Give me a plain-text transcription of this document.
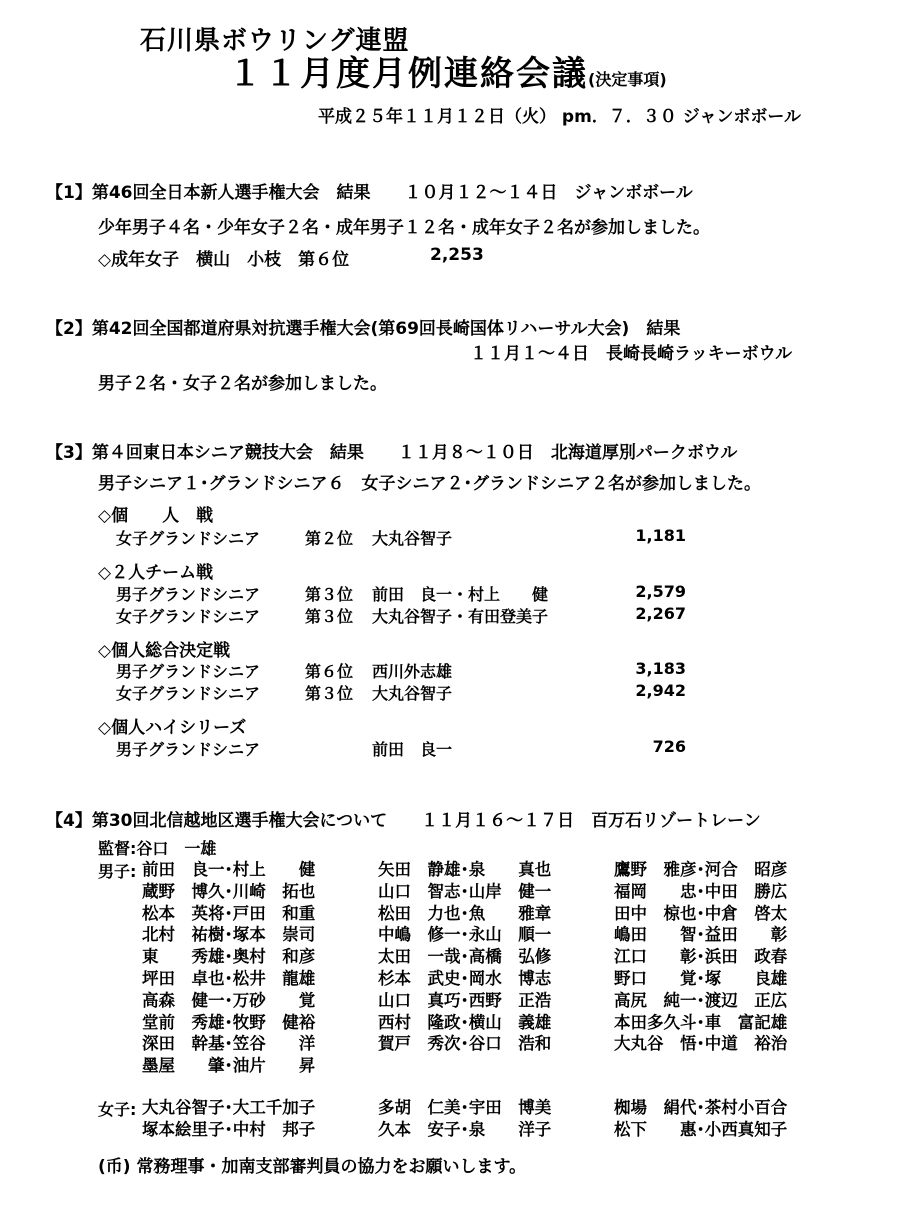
石川県ボウリング連盟
１１月度月例連絡会議(決定事項)
平成２５年１１月１２日（火） pm．７．３０ ジャンボボール
【1】第46回全日本新人選手権大会　結果　　１０月１２～１４日　ジャンボボール
少年男子４名・少年女子２名・成年男子１２名・成年女子２名が参加しました。
◇成年女子　横山　小枝　第６位	2,253
【2】第42回全国都道府県対抗選手権大会(第69回長崎国体リハーサル大会)　結果
１１月１～４日　長崎長崎ラッキーボウル
男子２名・女子２名が参加しました。
【3】第４回東日本シニア競技大会　結果　　１１月８～１０日　北海道厚別パークボウル
男子シニア１･グランドシニア６　女子シニア２･グランドシニア２名が参加しました。
◇個　　人　戦
女子グランドシニア	第２位 大丸谷智子	1,181
◇２人チーム戦
男子グランドシニア	第３位 前田　良一・村上　　健	2,579
女子グランドシニア	第３位 大丸谷智子・有田登美子	2,267
◇個人総合決定戦
男子グランドシニア	第６位 西川外志雄	3,183
女子グランドシニア	第３位 大丸谷智子	2,942
◇個人ハイシリーズ
男子グランドシニア	前田　良一	726
【4】第30回北信越地区選手権大会について　　１１月１６～１７日　百万石リゾートレーン
監督:谷口　一雄
男子: 前田　良一･村上　　健	矢田　静雄･泉　　真也	鷹野　雅彦･河合　昭彦
蔵野　博久･川崎　拓也	山口　智志･山岸　健一	福岡　　忠･中田　勝広
松本　英将･戸田　和重	松田　力也･魚　　雅章	田中　椋也･中倉　啓太
北村　祐樹･塚本　崇司	中嶋　修一･永山　順一	嶋田　　智･益田　　彰
東　　秀雄･奥村　和彦	太田　一哉･高橋　弘修	江口　　彰･浜田　政春
坪田　卓也･松井　龍雄	杉本　武史･岡水　博志	野口　　覚･塚　　良雄
高森　健一･万砂　　覚	山口　真巧･西野　正浩	高尻　純一･渡辺　正広
堂前　秀雄･牧野　健裕	西村　隆政･横山　義雄	本田多久斗･車　富記雄
深田　幹基･笠谷　　洋	賀戸　秀次･谷口　浩和	大丸谷　悟･中道　裕治
墨屋　　肇･油片　　昇
女子: 大丸谷智子･大工千加子	多胡　仁美･宇田　博美	椥場　絹代･茶村小百合
塚本絵里子･中村　邦子	久本　安子･泉　　洋子	松下　　惠･小西真知子
(币) 常務理事・加南支部審判員の協力をお願いします。
